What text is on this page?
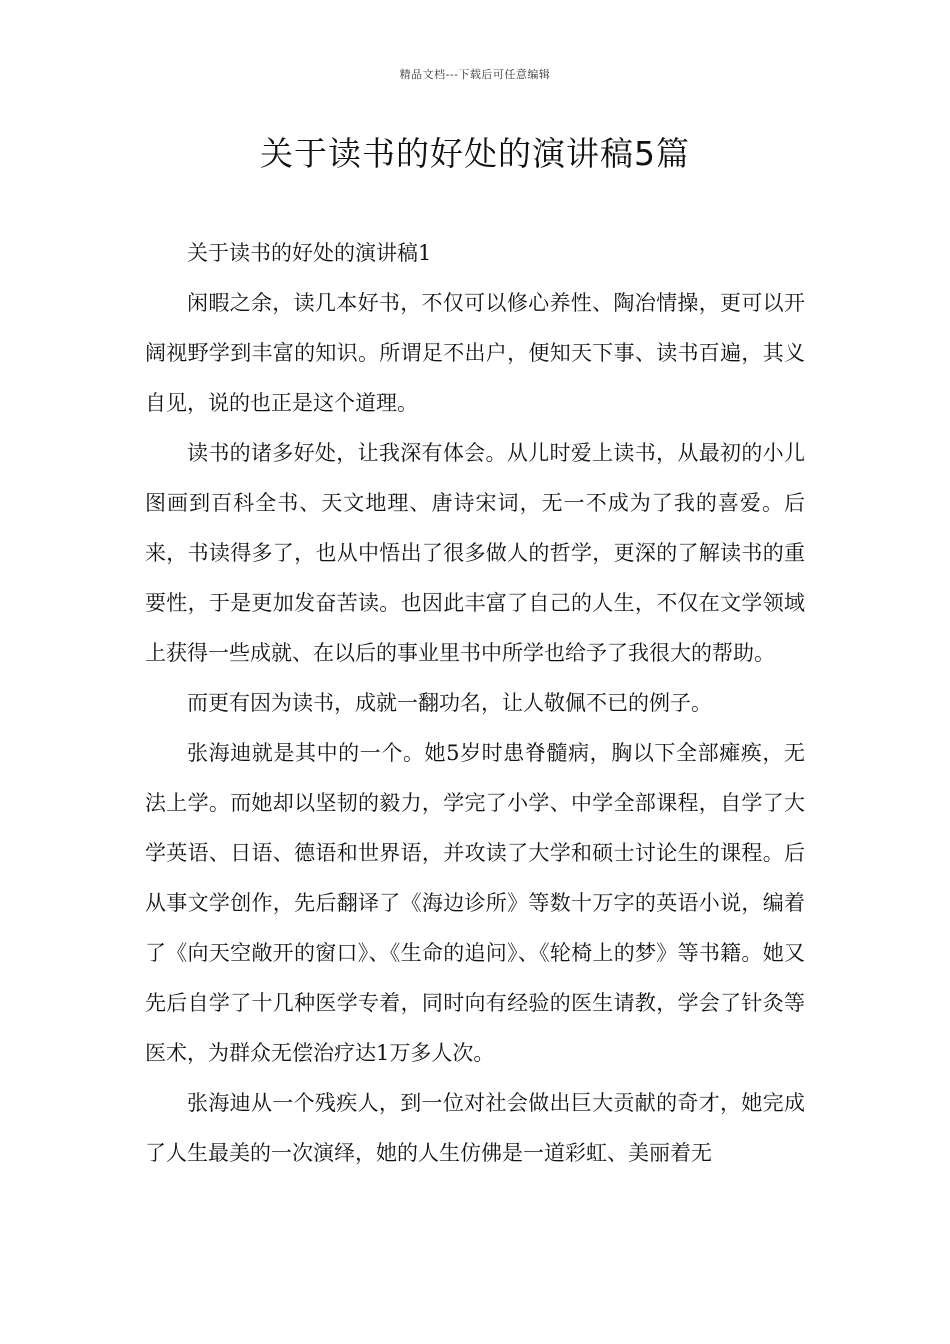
精品文档---下载后可任意编辑
关于读书的好处的演讲稿5篇

关于读书的好处的演讲稿1

闲暇之余，读几本好书，不仅可以修心养性、陶冶情操，更可以开阔视野学到丰富的知识。所谓足不出户，便知天下事、读书百遍，其义自见，说的也正是这个道理。

读书的诸多好处，让我深有体会。从儿时爱上读书，从最初的小儿图画到百科全书、天文地理、唐诗宋词，无一不成为了我的喜爱。后来，书读得多了，也从中悟出了很多做人的哲学，更深的了解读书的重要性，于是更加发奋苦读。也因此丰富了自己的人生，不仅在文学领域上获得一些成就、在以后的事业里书中所学也给予了我很大的帮助。

而更有因为读书，成就一翻功名，让人敬佩不已的例子。

张海迪就是其中的一个。她5岁时患脊髓病，胸以下全部瘫痪，无法上学。而她却以坚韧的毅力，学完了小学、中学全部课程，自学了大学英语、日语、德语和世界语，并攻读了大学和硕士讨论生的课程。后从事文学创作，先后翻译了《海边诊所》等数十万字的英语小说，编着了《向天空敞开的窗口》、《生命的追问》、《轮椅上的梦》等书籍。她又先后自学了十几种医学专着，同时向有经验的医生请教，学会了针灸等医术，为群众无偿治疗达1万多人次。

张海迪从一个残疾人，到一位对社会做出巨大贡献的奇才，她完成了人生最美的一次演绎，她的人生仿佛是一道彩虹、美丽着无
